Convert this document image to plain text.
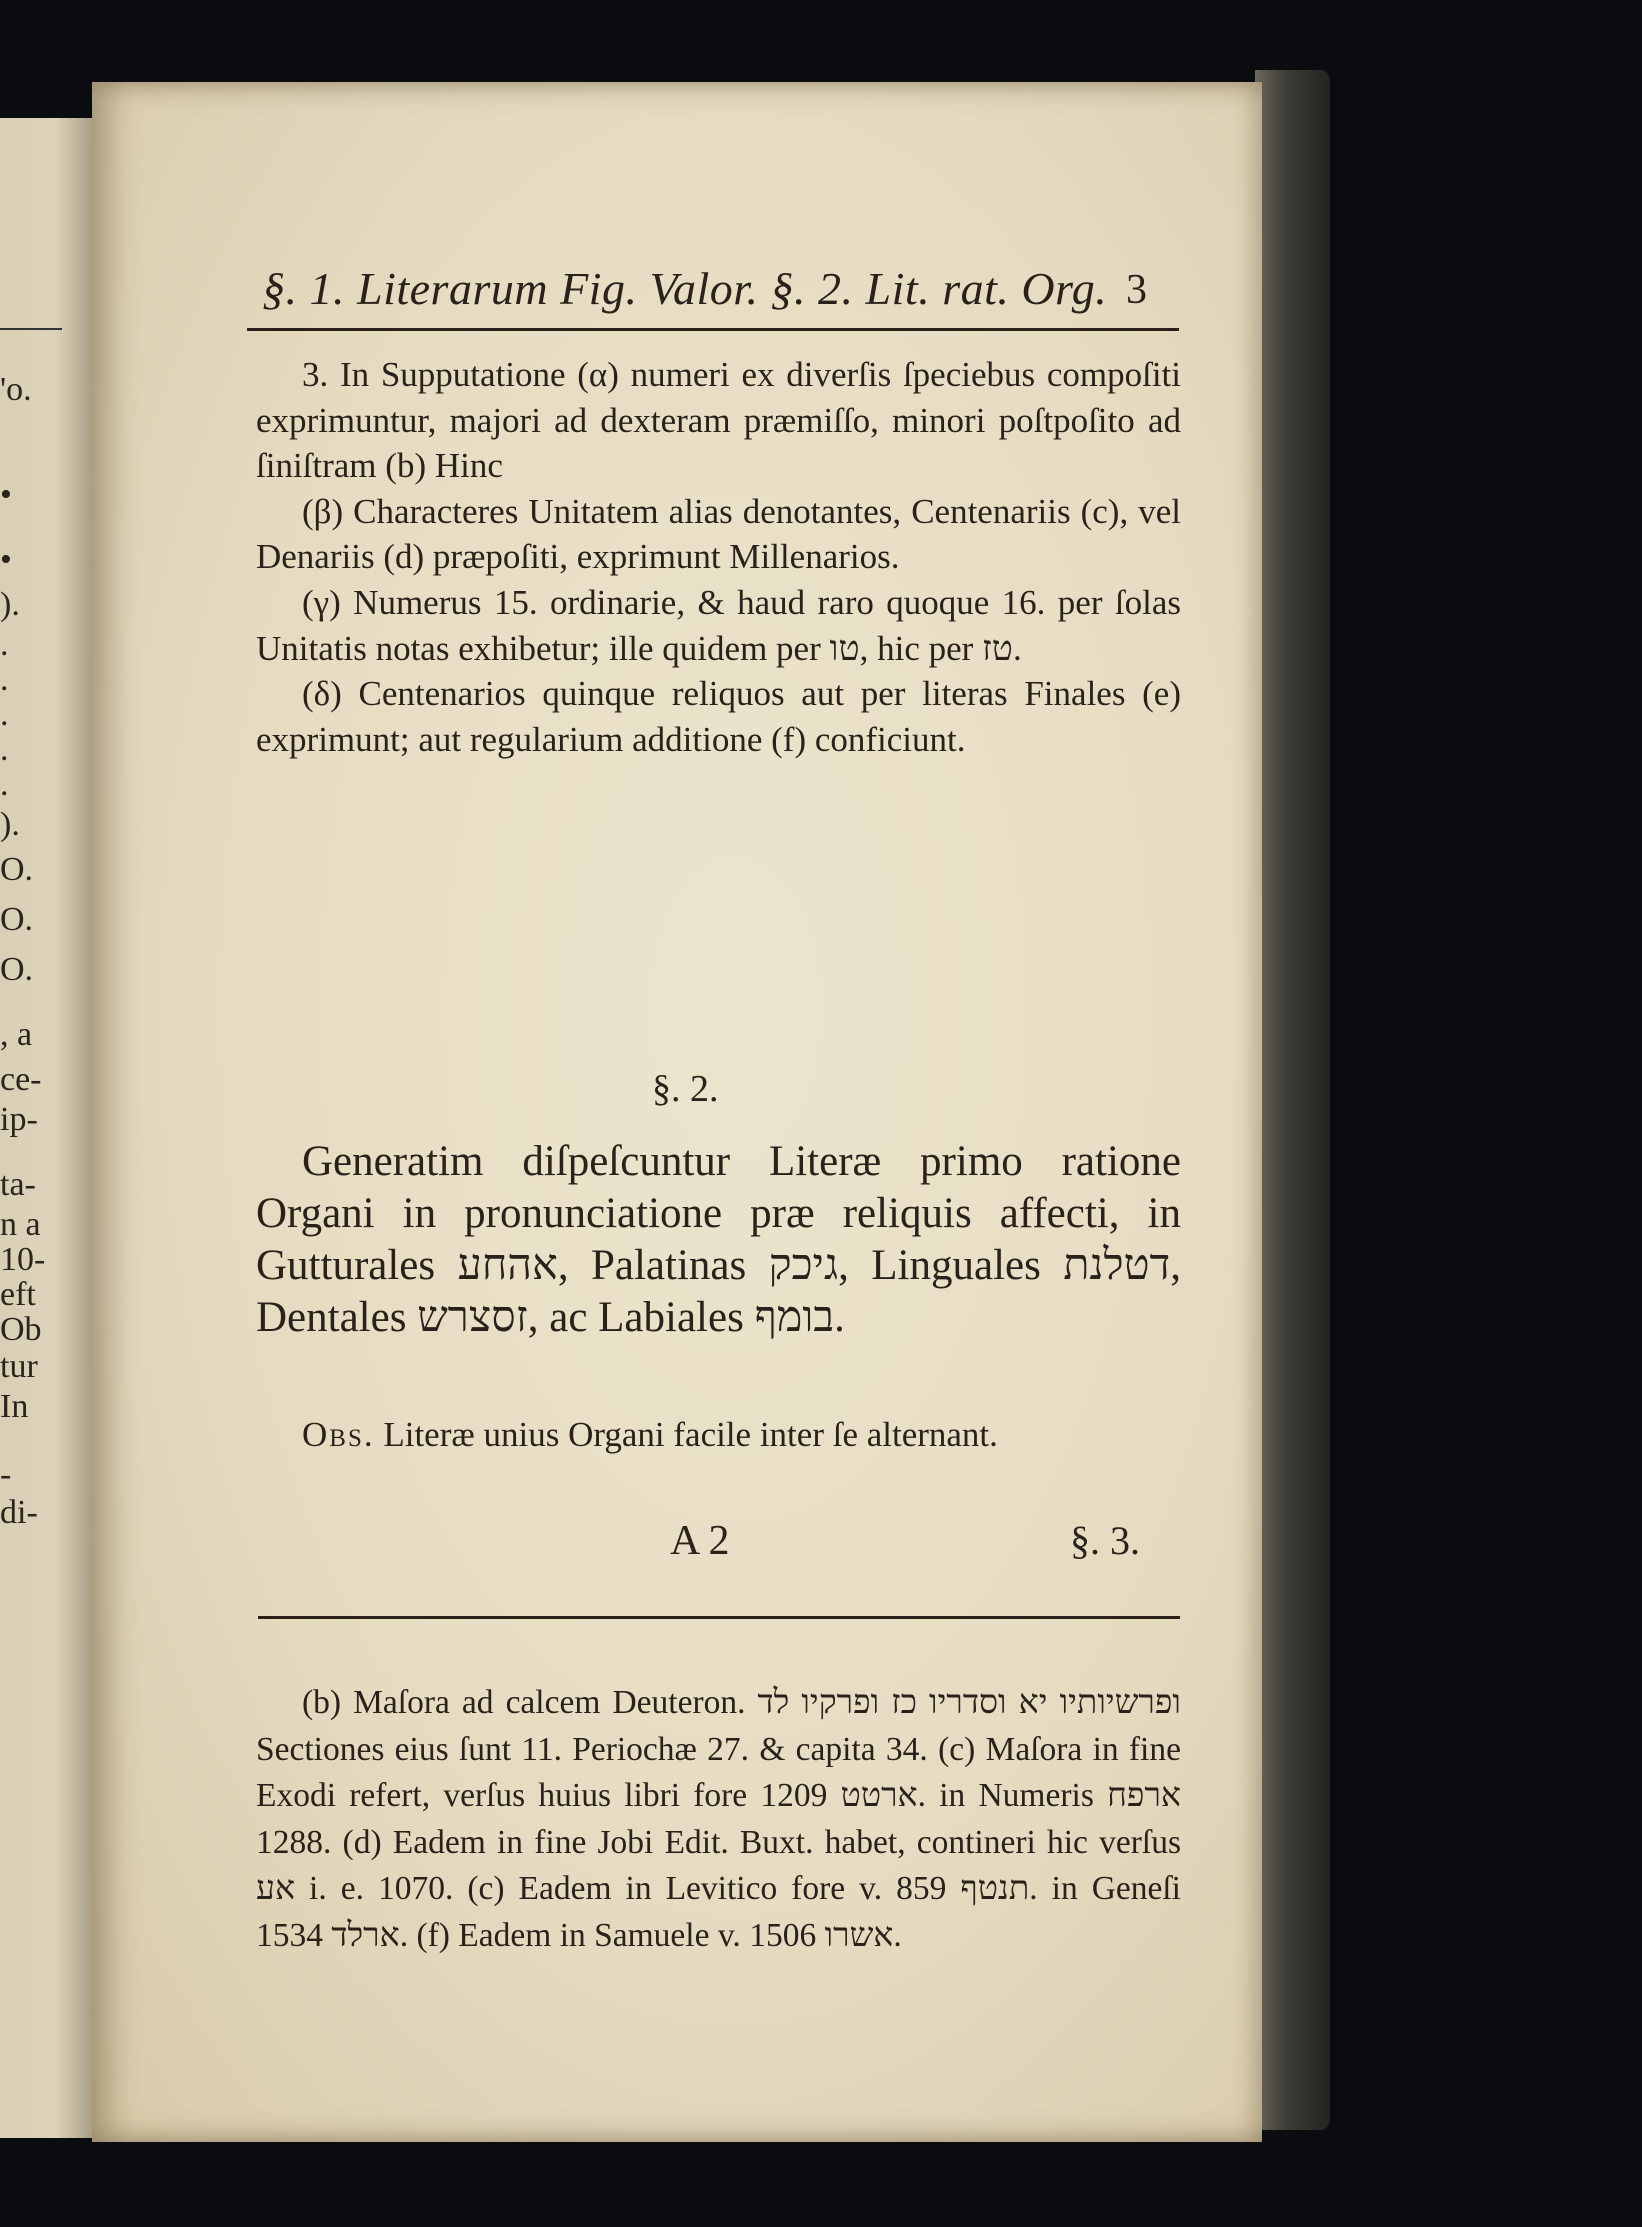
'o.
•
•
).
.
.
.
.
.
).
O.
O.
O.
, a
ce-
ip-
ta-
n a
10-
eft
Ob
tur
In
-
di-
§. 1. Literarum Fig. Valor. §. 2. Lit. rat. Org. 3

3. In Supputatione (α) numeri ex diverſis ſpeciebus compoſiti exprimuntur, majori ad dexteram præmiſſo, minori poſtpoſito ad ſiniſtram (b) Hinc

(β) Characteres Unitatem alias denotantes, Centenariis (c), vel Denariis (d) præpoſiti, exprimunt Millenarios.

(γ) Numerus 15. ordinarie, & haud raro quoque 16. per ſolas Unitatis notas exhibetur; ille quidem per טו, hic per טז.

(δ) Centenarios quinque reliquos aut per literas Finales (e) exprimunt; aut regularium additione (f) conficiunt.

§. 2.

Generatim diſpeſcuntur Literæ primo ratione Organi in pronunciatione præ reliquis affecti, in Gutturales אהחע, Palatinas גיכק, Linguales דטלנת, Dentales זסצרש, ac Labiales בומף.

Obs. Literæ unius Organi facile inter ſe alternant.

A 2	§. 3.

(b) Maſora ad calcem Deuteron. ופרשיותיו יא וסדריו כז ופרקיו לד Sectiones eius ſunt 11. Periochæ 27. & capita 34. (c) Maſora in fine Exodi refert, verſus huius libri fore ארטט 1209. in Numeris ארפח 1288. (d) Eadem in fine Jobi Edit. Buxt. habet, contineri hic verſus אע i. e. 1070. (c) Eadem in Levitico fore v. תנטף 859. in Geneſi ארלד 1534. (f) Eadem in Samuele v. אשרו 1506.
